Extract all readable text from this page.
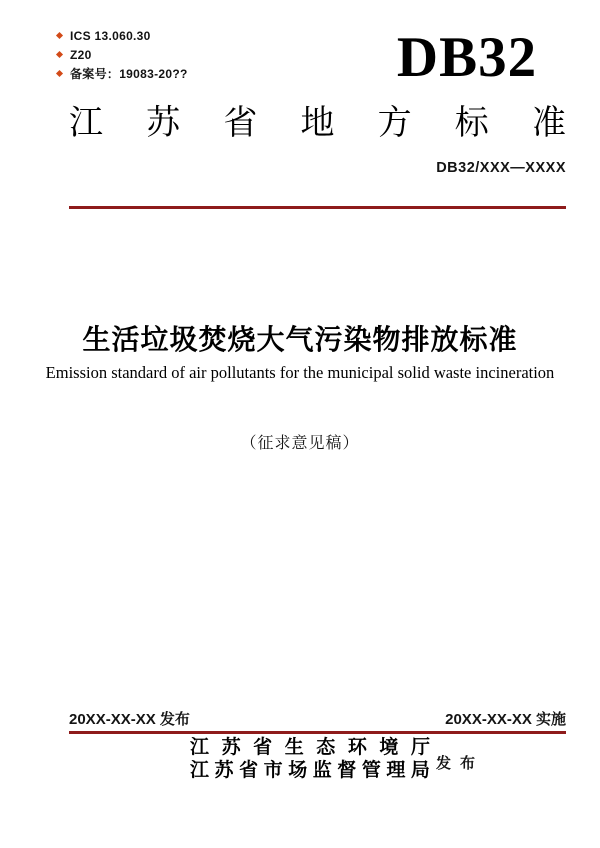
ICS 13.060.30
Z20
备案号：19083-20??	DB32
江 苏 省 地 方 标 准
DB32/XXX—XXXX
生活垃圾焚烧大气污染物排放标准
Emission standard of air pollutants for the municipal solid waste incineration
（征求意见稿）
20XX-XX-XX 发布	20XX-XX-XX 实施
江 苏 省 生 态 环 境 厅
江 苏 省 市 场 监 督 管 理 局 发 布
